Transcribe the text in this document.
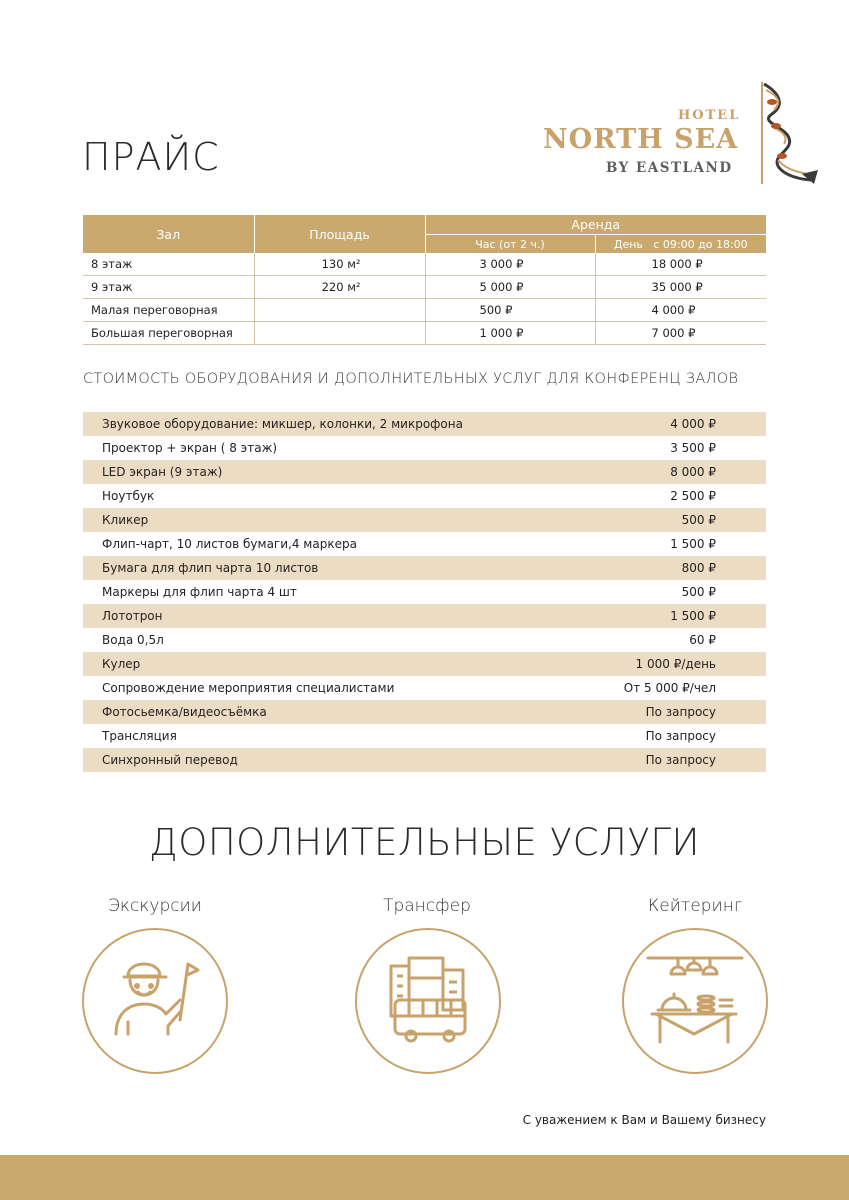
ПРАЙС
HOTEL
NORTH SEA
BY EASTLAND
Зал	Площадь	Аренда	
		Час (от 2 ч.)	День   с 09:00 до 18:00
8 этаж	130 м²	3 000 ₽	18 000 ₽
9 этаж	220 м²	5 000 ₽	35 000 ₽
Малая переговорная		500 ₽	4 000 ₽
Большая переговорная		1 000 ₽	7 000 ₽
СТОИМОСТЬ ОБОРУДОВАНИЯ И ДОПОЛНИТЕЛЬНЫХ УСЛУГ ДЛЯ КОНФЕРЕНЦ ЗАЛОВ
Звуковое оборудование: микшер, колонки, 2 микрофона	4 000 ₽
Проектор + экран ( 8 этаж)	3 500 ₽
LED экран (9 этаж)	8 000 ₽
Ноутбук	2 500 ₽
Кликер	500 ₽
Флип-чарт, 10 листов бумаги,4 маркера	1 500 ₽
Бумага для флип чарта 10 листов	800 ₽
Маркеры для флип чарта 4 шт	500 ₽
Лототрон	1 500 ₽
Вода 0,5л	60 ₽
Кулер	1 000 ₽/день
Сопровождение мероприятия специалистами	От 5 000 ₽/чел
Фотосьемка/видеосъёмка	По запросу
Трансляция	По запросу
Синхронный перевод	По запросу
ДОПОЛНИТЕЛЬНЫЕ УСЛУГИ
Экскурсии	Трансфер	Кейтеринг
С уважением к Вам и Вашему бизнесу
